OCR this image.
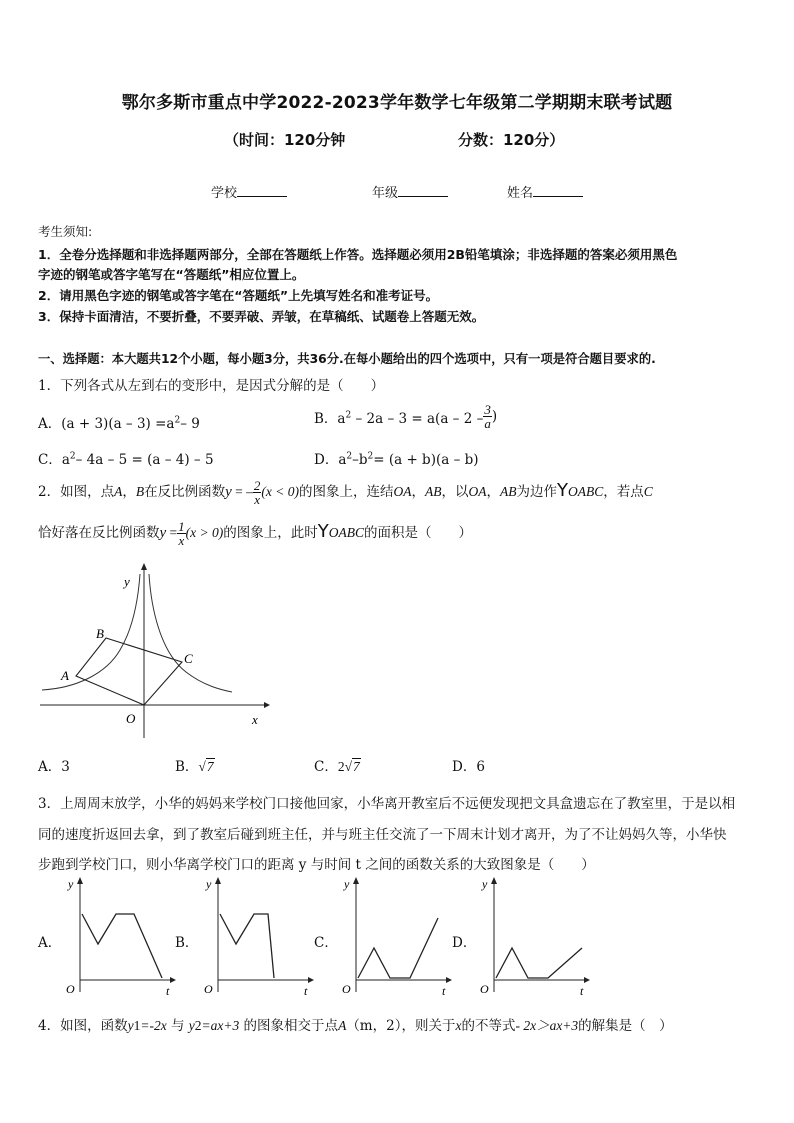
鄂尔多斯市重点中学2022-2023学年数学七年级第二学期期末联考试题
（时间：120分钟	分数：120分）
学校	年级	姓名
考生须知:
1．全卷分选择题和非选择题两部分，全部在答题纸上作答。选择题必须用2B铅笔填涂；非选择题的答案必须用黑色
字迹的钢笔或答字笔写在“答题纸”相应位置上。
2．请用黑色字迹的钢笔或答字笔在“答题纸”上先填写姓名和准考证号。
3．保持卡面清洁，不要折叠，不要弄破、弄皱，在草稿纸、试题卷上答题无效。
一、选择题：本大题共12个小题，每小题3分，共36分.在每小题给出的四个选项中，只有一项是符合题目要求的.
1．下列各式从左到右的变形中，是因式分解的是（　　）
A．$(a + 3)(a - 3) =a^2-$ 9	B．$a^2 - 2a - 3 = a(a - 2 - \frac{3}{a}$ )
C．$a^2-$ 4a – 5 = (a – 4) – 5	D．$a^2-b^2= (a + b)(a - b)$
2．如图，点A，B在反比例函数y = – $\frac{2}{x} (x < 0)$的图象上，连结OA，AB，以OA，AB为边作YOABC，若点C
恰好落在反比例函数$y = \frac{1}{x} (x > 0)$的图象上，此时YOABC的面积是（　　）
y
x
O
A
B
C
A．3	B．√7	C．2√7	D．6
3．上周周末放学，小华的妈妈来学校门口接他回家，小华离开教室后不远便发现把文具盒遗忘在了教室里，于是以相
同的速度折返回去拿，到了教室后碰到班主任，并与班主任交流了一下周末计划才离开，为了不让妈妈久等，小华快
步跑到学校门口，则小华离学校门口的距离 y 与时间 t 之间的函数关系的大致图象是（　　）
A．
y
t
O
B．
y
t
O
C．
y
t
O
D．
y
t
O
4．如图，函数y1=-2x 与 y2=ax+3 的图象相交于点A（m，2），则关于x的不等式- 2x＞ax+3的解集是（　）
